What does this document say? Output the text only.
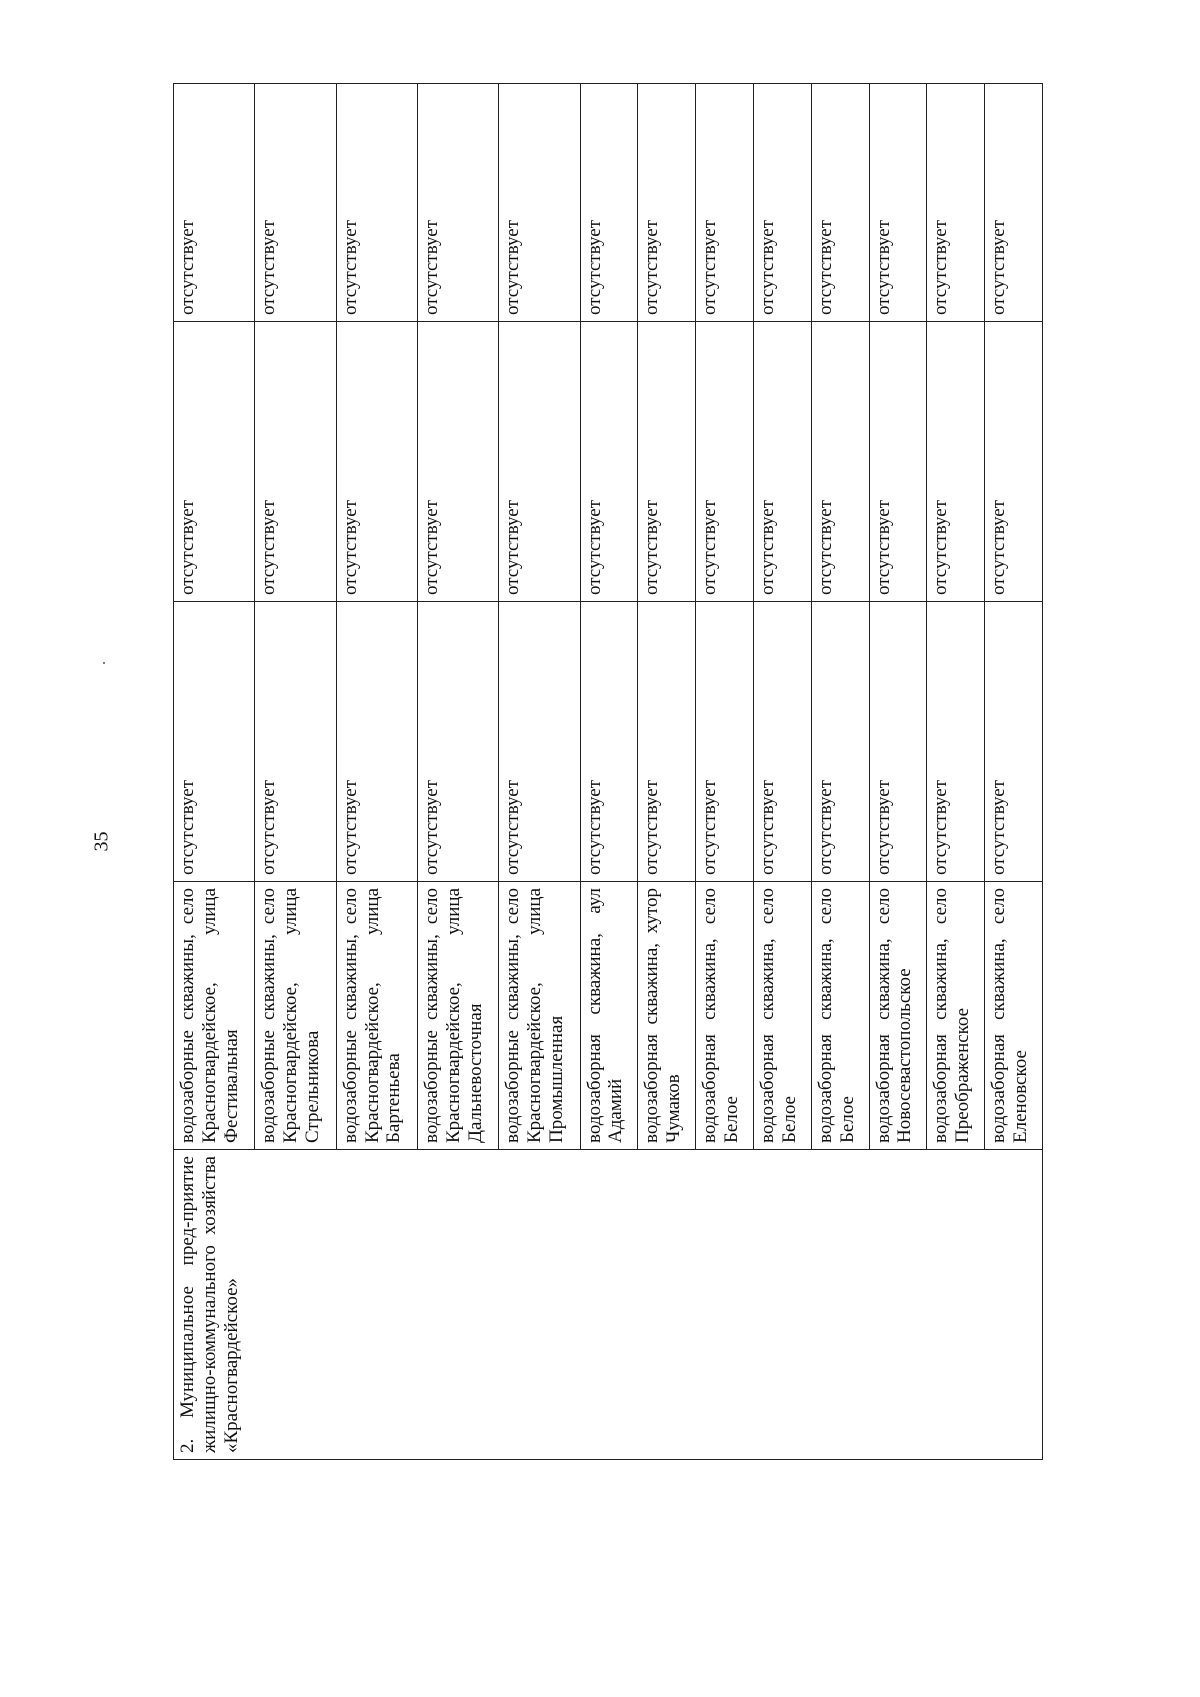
35
2. Муниципальное пред-приятие жилищно-коммунального хозяйства «Красногвардейское»	водозаборные скважины, село Красногвардейское, улица Фестивальная	отсутствует	отсутствует	отсутствует
	водозаборные скважины, село Красногвардейское, улица Стрельникова	отсутствует	отсутствует	отсутствует
	водозаборные скважины, село Красногвардейское, улица Бартеньева	отсутствует	отсутствует	отсутствует
	водозаборные скважины, село Красногвардейское, улица Дальневосточная	отсутствует	отсутствует	отсутствует
	водозаборные скважины, село Красногвардейское, улица Промышленная	отсутствует	отсутствует	отсутствует
	водозаборная скважина, аул Адамий	отсутствует	отсутствует	отсутствует
	водозаборная скважина, хутор Чумаков	отсутствует	отсутствует	отсутствует
	водозаборная скважина, село Белое	отсутствует	отсутствует	отсутствует
	водозаборная скважина, село Белое	отсутствует	отсутствует	отсутствует
	водозаборная скважина, село Белое	отсутствует	отсутствует	отсутствует
	водозаборная скважина, село Новосевастопольское	отсутствует	отсутствует	отсутствует
	водозаборная скважина, село Преображенское	отсутствует	отсутствует	отсутствует
	водозаборная скважина, село Еленовское	отсутствует	отсутствует	отсутствует
